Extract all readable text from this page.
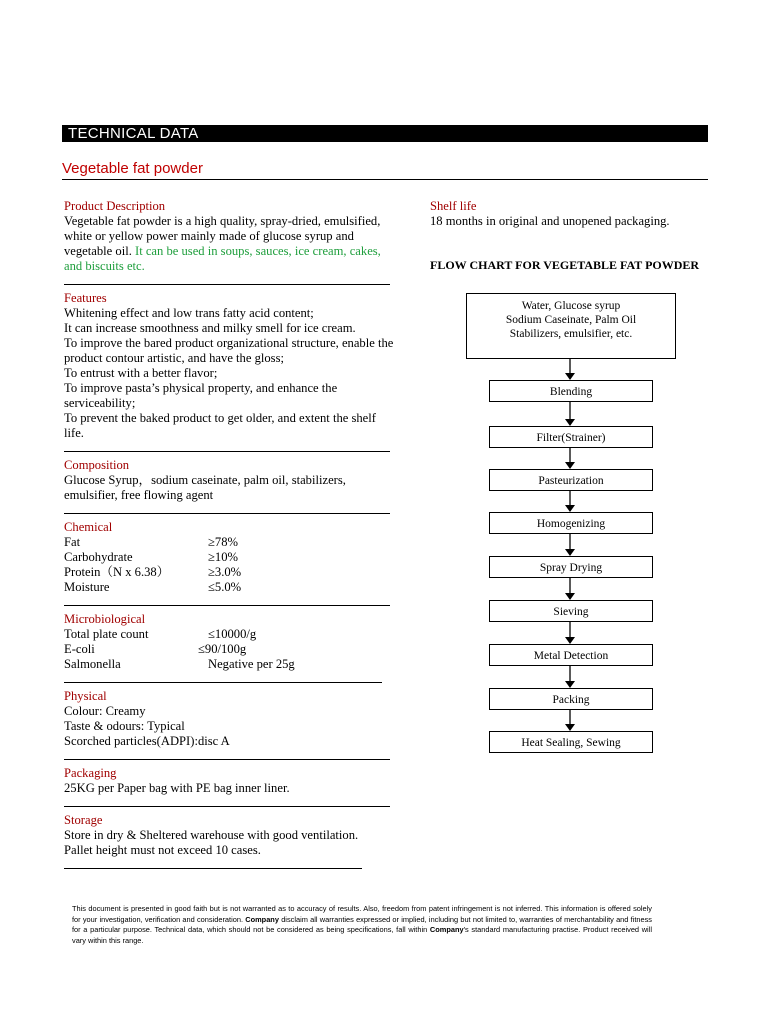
TECHNICAL DATA
Vegetable fat powder

Product Description

Vegetable fat powder is a high quality, spray-dried, emulsified, white or yellow power mainly made of glucose syrup and vegetable oil. It can be used in soups, sauces, ice cream, cakes, and biscuits etc.

Features

Whitening effect and low trans fatty acid content;

It can increase smoothness and milky smell for ice cream.

To improve the bared product organizational structure, enable the product contour artistic, and have the gloss;

To entrust with a better flavor;

To improve pasta’s physical property, and enhance the serviceability;

To prevent the baked product to get older, and extent the shelf life.

Composition

Glucose Syrup，sodium caseinate, palm oil, stabilizers, emulsifier, free flowing agent

Chemical

Fat	≥78%
Carbohydrate	≥10%
Protein（N x 6.38）	≥3.0%
Moisture	≤5.0%

Microbiological

Total plate count	≤10000/g
E-coli	≤90/100g
Salmonella	Negative per 25g

Physical

Colour: Creamy

Taste & odours: Typical

Scorched particles(ADPI):disc A

Packaging

25KG per Paper bag with PE bag inner liner.

Storage

Store in dry & Sheltered warehouse with good ventilation.

Pallet height must not exceed 10 cases.

Shelf life

18 months in original and unopened packaging.

FLOW CHART FOR VEGETABLE FAT POWDER
Water, Glucose syrup
Sodium Caseinate, Palm Oil
Stabilizers, emulsifier, etc.
Blending
Filter(Strainer)
Pasteurization
Homogenizing
Spray Drying
Sieving
Metal Detection
Packing
Heat Sealing, Sewing
This document is presented in good faith but is not warranted as to accuracy of results. Also, freedom from patent infringement is not inferred. This information is offered solely for your investigation, verification and consideration. Company disclaim all warranties expressed or implied, including but not limited to, warranties of merchantability and fitness for a particular purpose. Technical data, which should not be considered as being specifications, fall within Company's standard manufacturing practise. Product received will vary within this range.
